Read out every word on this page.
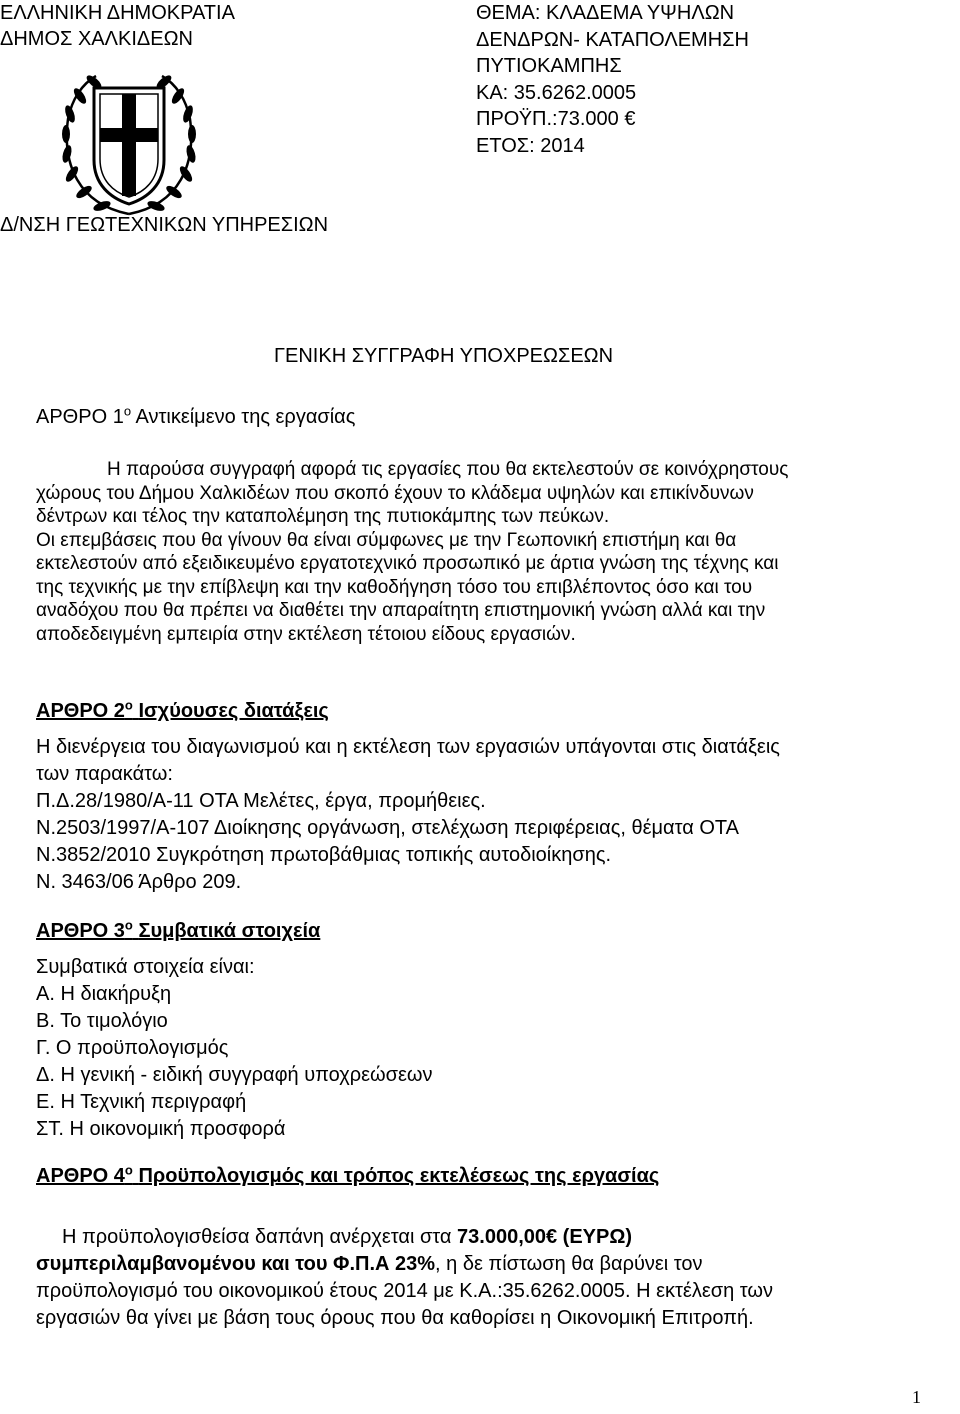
ΕΛΛΗΝΙΚΗ ΔΗΜΟΚΡΑΤΙΑ
ΔΗΜΟΣ ΧΑΛΚΙΔΕΩΝ
ΘΕΜΑ: ΚΛΑΔΕΜΑ ΥΨΗΛΩΝ
ΔΕΝΔΡΩΝ- ΚΑΤΑΠΟΛΕΜΗΣΗ
ΠΥΤΙΟΚΑΜΠΗΣ
ΚΑ: 35.6262.0005
ΠΡΟΫΠ.:73.000 €
ΕΤΟΣ: 2014
Δ/ΝΣΗ ΓΕΩΤΕΧΝΙΚΩΝ ΥΠΗΡΕΣΙΩΝ
ΓΕΝΙΚΗ ΣΥΓΓΡΑΦΗ ΥΠΟΧΡΕΩΣΕΩΝ
ΑΡΘΡΟ $1^o$ Αντικείμενο της εργασίας
Η παρούσα συγγραφή αφορά τις εργασίες που θα εκτελεστούν σε κοινόχρηστους
χώρους του Δήμου Χαλκιδέων που σκοπό έχουν το κλάδεμα υψηλών και επικίνδυνων
δέντρων και τέλος την καταπολέμηση της πυτιοκάμπης των πεύκων.
Οι επεμβάσεις που θα γίνουν θα είναι σύμφωνες με την Γεωπονική επιστήμη και θα
εκτελεστούν από εξειδικευμένο εργατοτεχνικό προσωπικό με άρτια γνώση της τέχνης και
της τεχνικής με την επίβλεψη και την καθοδήγηση τόσο του επιβλέποντος όσο και του
αναδόχου που θα πρέπει να διαθέτει την απαραίτητη επιστημονική γνώση αλλά και την
αποδεδειγμένη εμπειρία στην εκτέλεση τέτοιου είδους εργασιών.
ΑΡΘΡΟ $2^o$ Ισχύουσες διατάξεις
Η διενέργεια του διαγωνισμού και η εκτέλεση των εργασιών υπάγονται στις διατάξεις
των παρακάτω:
Π.Δ.28/1980/Α-11 ΟΤΑ Μελέτες, έργα, προμήθειες.
Ν.2503/1997/Α-107 Διοίκησης οργάνωση, στελέχωση περιφέρειας, θέματα ΟΤΑ
Ν.3852/2010 Συγκρότηση πρωτοβάθμιας τοπικής αυτοδιοίκησης.
Ν. 3463/06 Άρθρο 209.
ΑΡΘΡΟ $3^o$ Συμβατικά στοιχεία
Συμβατικά στοιχεία είναι:
Α. Η διακήρυξη
Β. Το τιμολόγιο
Γ. Ο προϋπολογισμός
Δ. Η γενική - ειδική συγγραφή υποχρεώσεων
Ε. Η Τεχνική περιγραφή
ΣΤ. Η οικονομική προσφορά
ΑΡΘΡΟ $4^o$ Προϋπολογισμός και τρόπος εκτελέσεως της εργασίας
Η προϋπολογισθείσα δαπάνη ανέρχεται στα 73.000,00€ (ΕΥΡΩ)
συμπεριλαμβανομένου και του Φ.Π.Α 23%, η δε πίστωση θα βαρύνει τον
προϋπολογισμό του οικονομικού έτους 2014 με Κ.Α.:35.6262.0005. Η εκτέλεση των
εργασιών θα γίνει με βάση τους όρους που θα καθορίσει η Οικονομική Επιτροπή.
1
